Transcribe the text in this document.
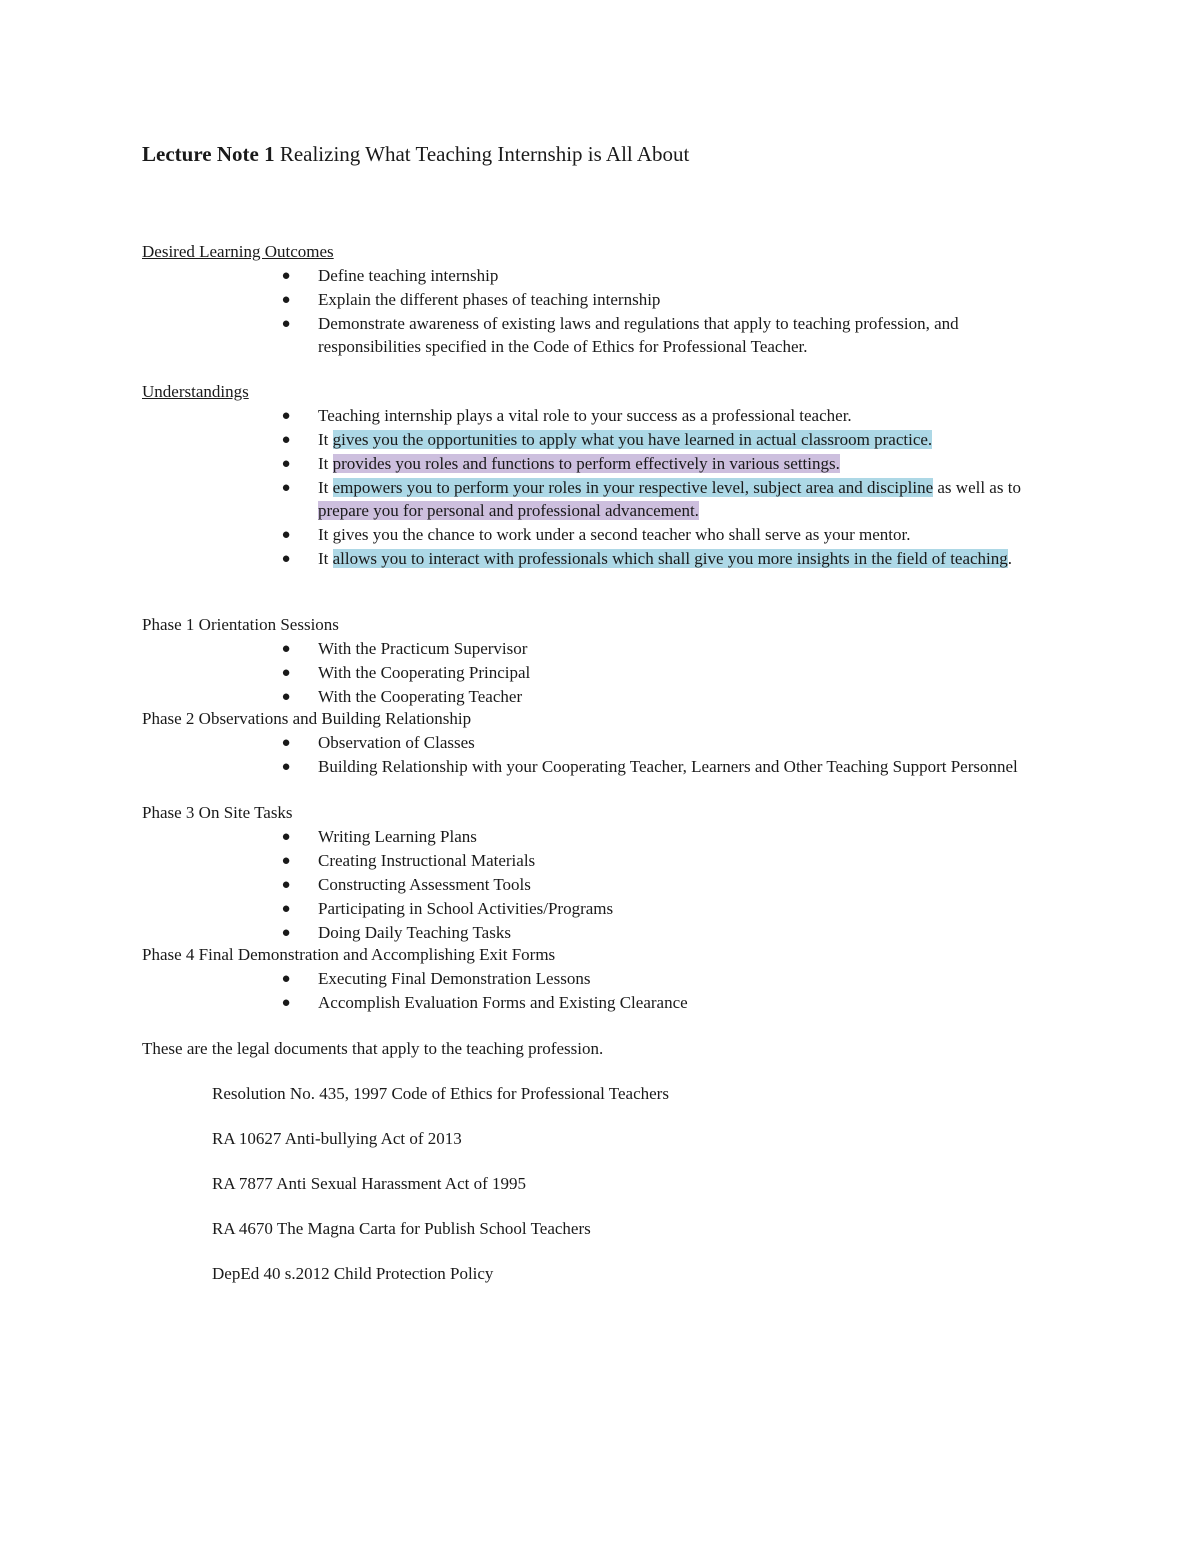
Lecture Note 1 Realizing What Teaching Internship is All About
Desired Learning Outcomes
● Define teaching internship
● Explain the different phases of teaching internship
● Demonstrate awareness of existing laws and regulations that apply to teaching profession, and responsibilities specified in the Code of Ethics for Professional Teacher.
Understandings
● Teaching internship plays a vital role to your success as a professional teacher.
● It gives you the opportunities to apply what you have learned in actual classroom practice.
● It provides you roles and functions to perform effectively in various settings.
● It empowers you to perform your roles in your respective level, subject area and discipline as well as to prepare you for personal and professional advancement.
● It gives you the chance to work under a second teacher who shall serve as your mentor.
● It allows you to interact with professionals which shall give you more insights in the field of teaching.
Phase 1 Orientation Sessions
● With the Practicum Supervisor
● With the Cooperating Principal
● With the Cooperating Teacher
Phase 2 Observations and Building Relationship
● Observation of Classes
● Building Relationship with your Cooperating Teacher, Learners and Other Teaching Support Personnel
Phase 3 On Site Tasks
● Writing Learning Plans
● Creating Instructional Materials
● Constructing Assessment Tools
● Participating in School Activities/Programs
● Doing Daily Teaching Tasks
Phase 4 Final Demonstration and Accomplishing Exit Forms
● Executing Final Demonstration Lessons
● Accomplish Evaluation Forms and Existing Clearance
These are the legal documents that apply to the teaching profession.
Resolution No. 435, 1997 Code of Ethics for Professional Teachers
RA 10627 Anti-bullying Act of 2013
RA 7877 Anti Sexual Harassment Act of 1995
RA 4670 The Magna Carta for Publish School Teachers
DepEd 40 s.2012 Child Protection Policy
